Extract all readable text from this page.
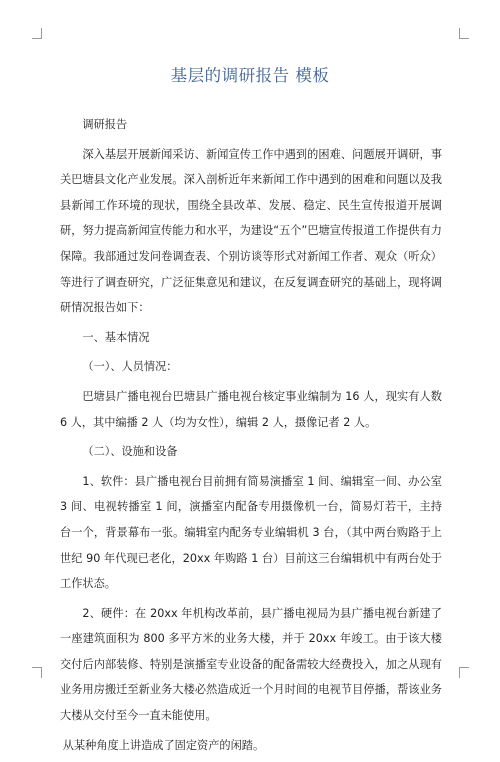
基层的调研报告 模板

调研报告

深入基层开展新闻采访、新闻宣传工作中遇到的困难、问题展开调研，事关巴塘县文化产业发展。深入剖析近年来新闻工作中遇到的困难和问题以及我县新闻工作环境的现状，围绕全县改革、发展、稳定、民生宣传报道开展调研，努力提高新闻宣传能力和水平，为建设“五个”巴塘宣传报道工作提供有力保障。我部通过发问卷调查表、个别访谈等形式对新闻工作者、观众（听众）等进行了调查研究，广泛征集意见和建议，在反复调查研究的基础上，现将调研情况报告如下：

一、基本情况

（一）、人员情况：

巴塘县广播电视台巴塘县广播电视台核定事业编制为 16 人，现实有人数 6 人，其中编播 2 人（均为女性），编辑 2 人，摄像记者 2 人。

（二）、设施和设备

1、软件：县广播电视台目前拥有简易演播室 1 间、编辑室一间、办公室 3 间、电视转播室 1 间，演播室内配备专用摄像机一台，简易灯若干，主持台一个，背景幕布一张。编辑室内配务专业编辑机 3 台，（其中两台购路于上世纪 90 年代现已老化，20xx 年购路 1 台）目前这三台编辑机中有两台处于工作状态。

2、硬件：在 20xx 年机构改革前，县广播电视局为县广播电视台新建了一座建筑面积为 800 多平方米的业务大楼，并于 20xx 年竣工。由于该大楼交付后内部装修、特别是演播室专业设备的配备需较大经费投入，加之从现有业务用房搬迁至新业务大楼必然造成近一个月时间的电视节目停播，帮该业务大楼从交付至今一直未能使用。

从某种角度上讲造成了固定资产的闲踏。
